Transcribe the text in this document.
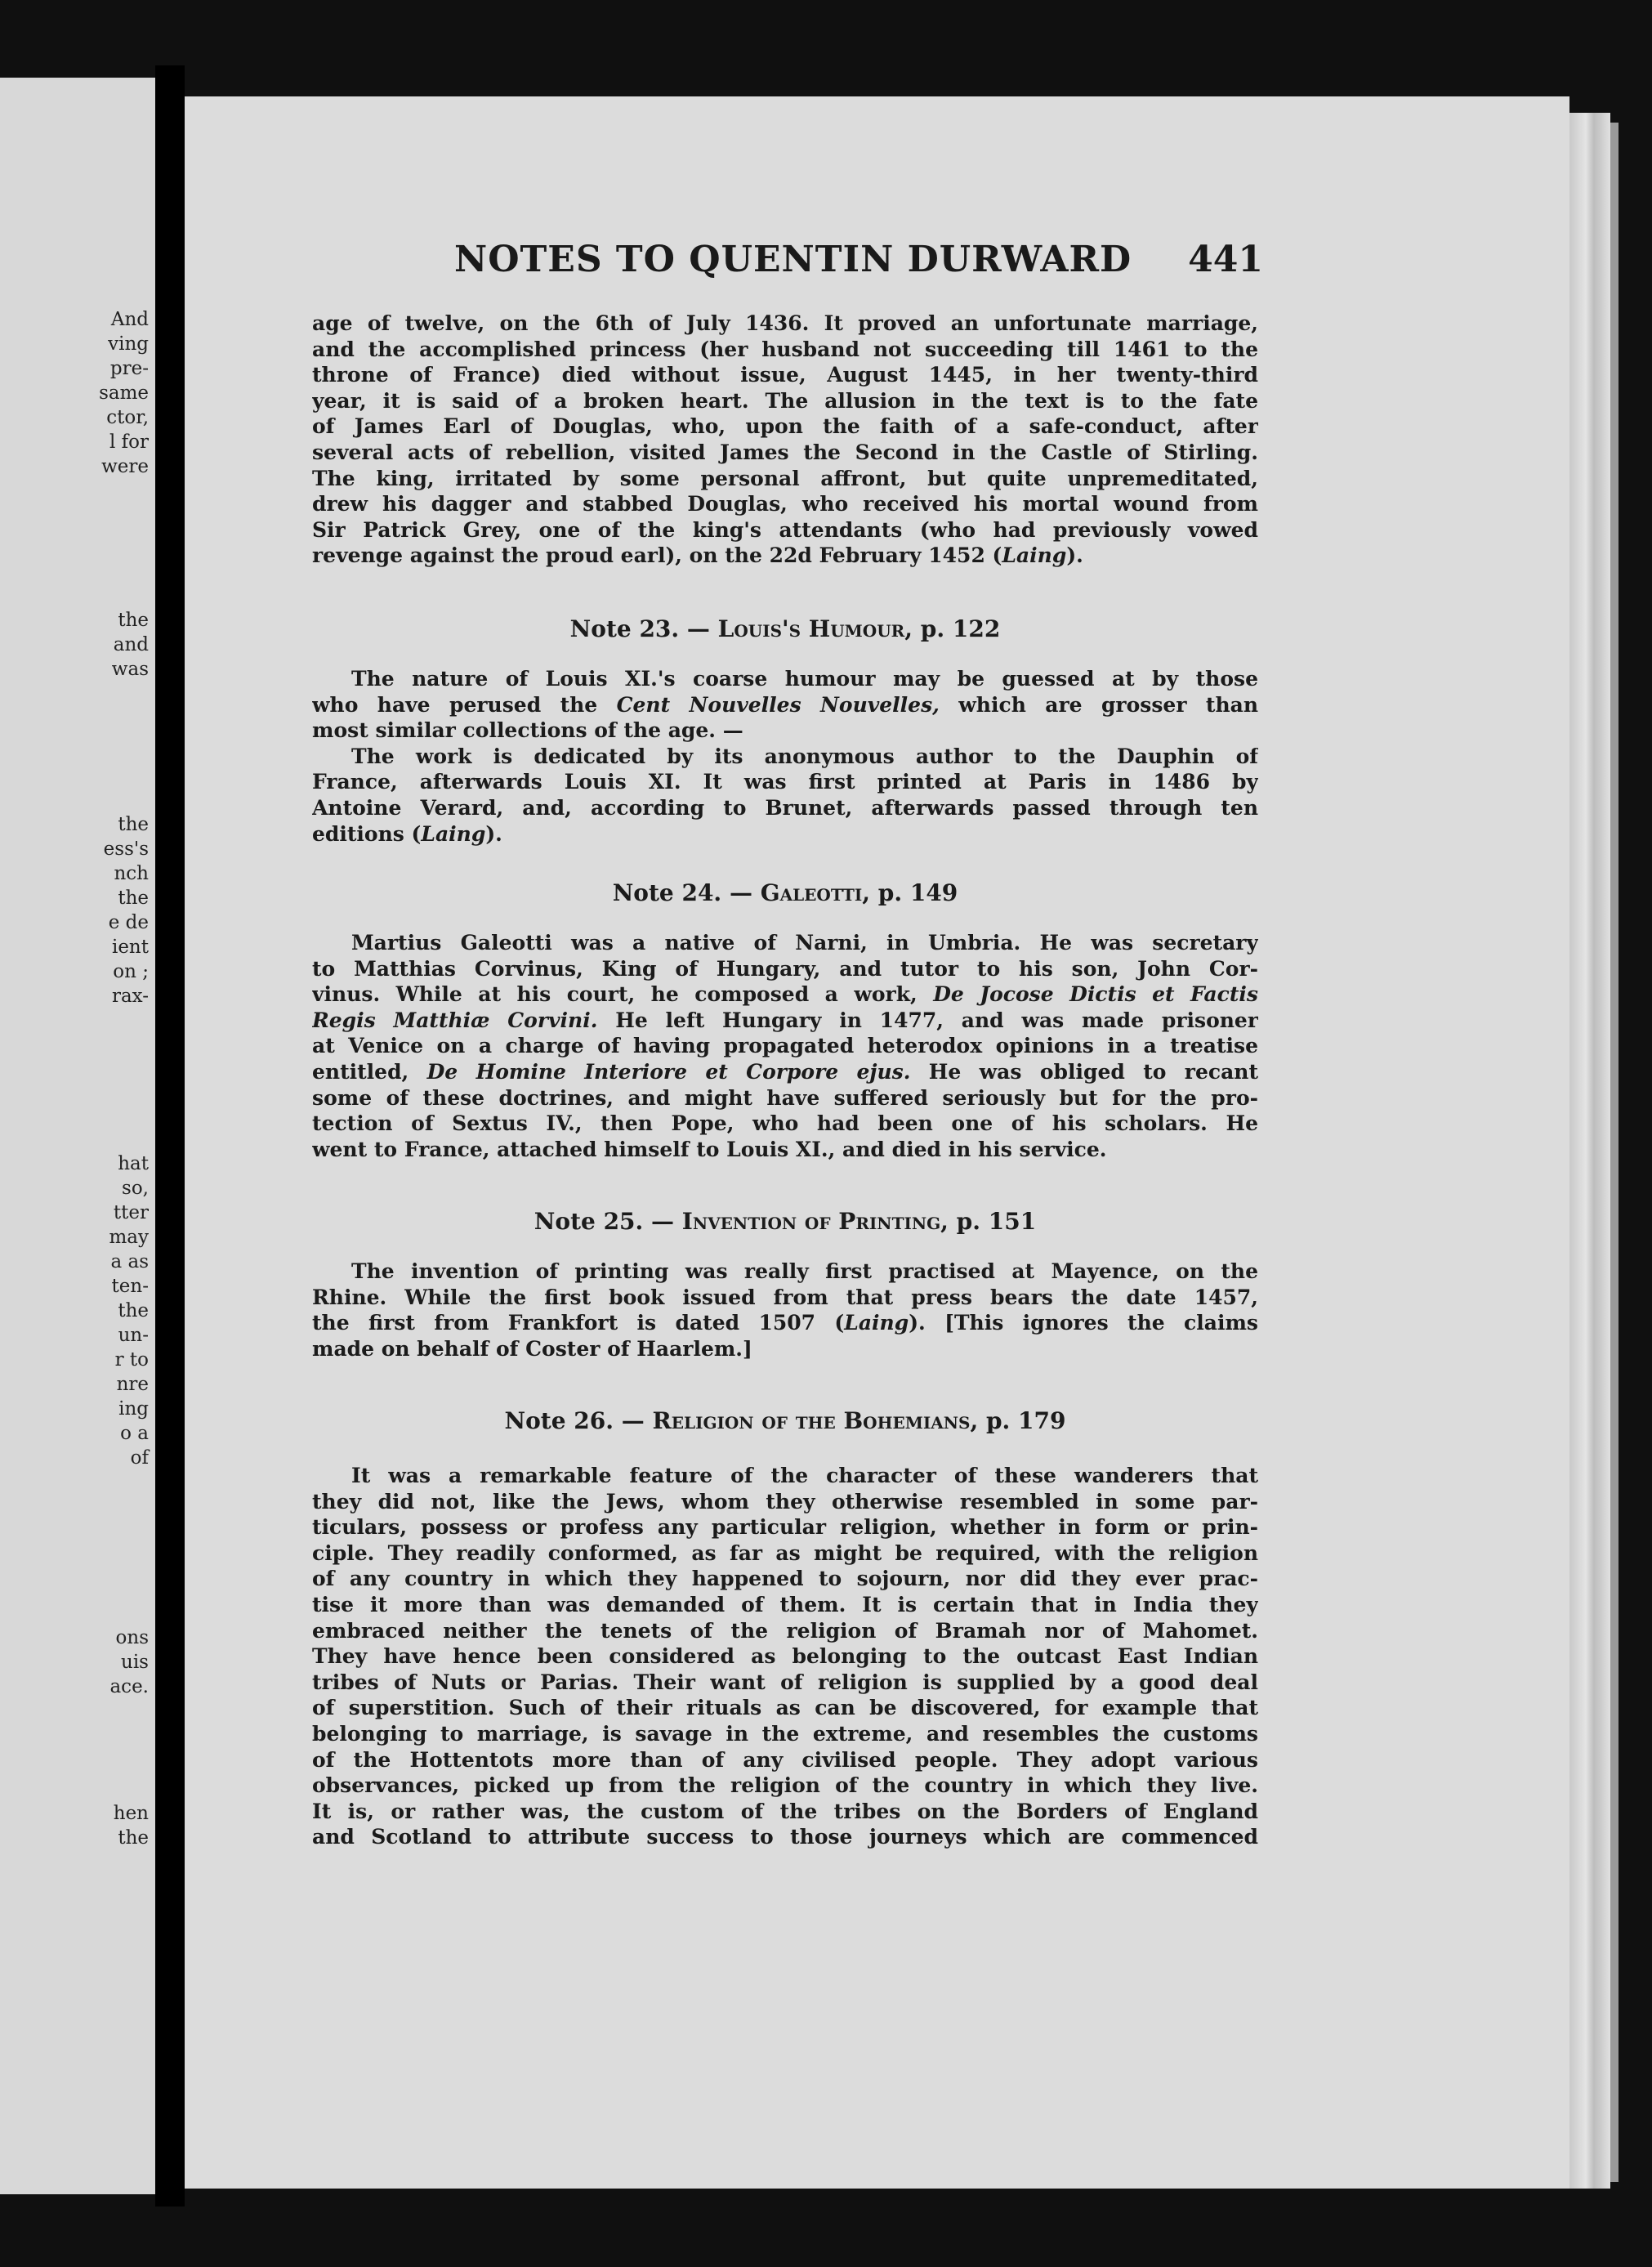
And
ving
pre-
same
ctor,
l for
were
the
and
was
the
ess's
nch
the
e de
ient
on ;
rax-
hat
so,
tter
may
a as
ten-
the
un-
r to
nre
ing
o a
of
ons
uis
ace.
hen
the
NOTES TO QUENTIN DURWARD 441
age of twelve, on the 6th of July 1436. It proved an unfortunate marriage,
and the accomplished princess (her husband not succeeding till 1461 to the
throne of France) died without issue, August 1445, in her twenty-third
year, it is said of a broken heart. The allusion in the text is to the fate
of James Earl of Douglas, who, upon the faith of a safe-conduct, after
several acts of rebellion, visited James the Second in the Castle of Stirling.
The king, irritated by some personal affront, but quite unpremeditated,
drew his dagger and stabbed Douglas, who received his mortal wound from
Sir Patrick Grey, one of the king's attendants (who had previously vowed
revenge against the proud earl), on the 22d February 1452 (Laing).
Note 23. — Louis's Humour, p. 122
The nature of Louis XI.'s coarse humour may be guessed at by those
who have perused the Cent Nouvelles Nouvelles, which are grosser than
most similar collections of the age. —
The work is dedicated by its anonymous author to the Dauphin of
France, afterwards Louis XI. It was first printed at Paris in 1486 by
Antoine Verard, and, according to Brunet, afterwards passed through ten
editions (Laing).
Note 24. — Galeotti, p. 149
Martius Galeotti was a native of Narni, in Umbria. He was secretary
to Matthias Corvinus, King of Hungary, and tutor to his son, John Cor-
vinus. While at his court, he composed a work, De Jocose Dictis et Factis
Regis Matthiæ Corvini. He left Hungary in 1477, and was made prisoner
at Venice on a charge of having propagated heterodox opinions in a treatise
entitled, De Homine Interiore et Corpore ejus. He was obliged to recant
some of these doctrines, and might have suffered seriously but for the pro-
tection of Sextus IV., then Pope, who had been one of his scholars. He
went to France, attached himself to Louis XI., and died in his service.
Note 25. — Invention of Printing, p. 151
The invention of printing was really first practised at Mayence, on the
Rhine. While the first book issued from that press bears the date 1457,
the first from Frankfort is dated 1507 (Laing). [This ignores the claims
made on behalf of Coster of Haarlem.]
Note 26. — Religion of the Bohemians, p. 179
It was a remarkable feature of the character of these wanderers that
they did not, like the Jews, whom they otherwise resembled in some par-
ticulars, possess or profess any particular religion, whether in form or prin-
ciple. They readily conformed, as far as might be required, with the religion
of any country in which they happened to sojourn, nor did they ever prac-
tise it more than was demanded of them. It is certain that in India they
embraced neither the tenets of the religion of Bramah nor of Mahomet.
They have hence been considered as belonging to the outcast East Indian
tribes of Nuts or Parias. Their want of religion is supplied by a good deal
of superstition. Such of their rituals as can be discovered, for example that
belonging to marriage, is savage in the extreme, and resembles the customs
of the Hottentots more than of any civilised people. They adopt various
observances, picked up from the religion of the country in which they live.
It is, or rather was, the custom of the tribes on the Borders of England
and Scotland to attribute success to those journeys which are commenced
